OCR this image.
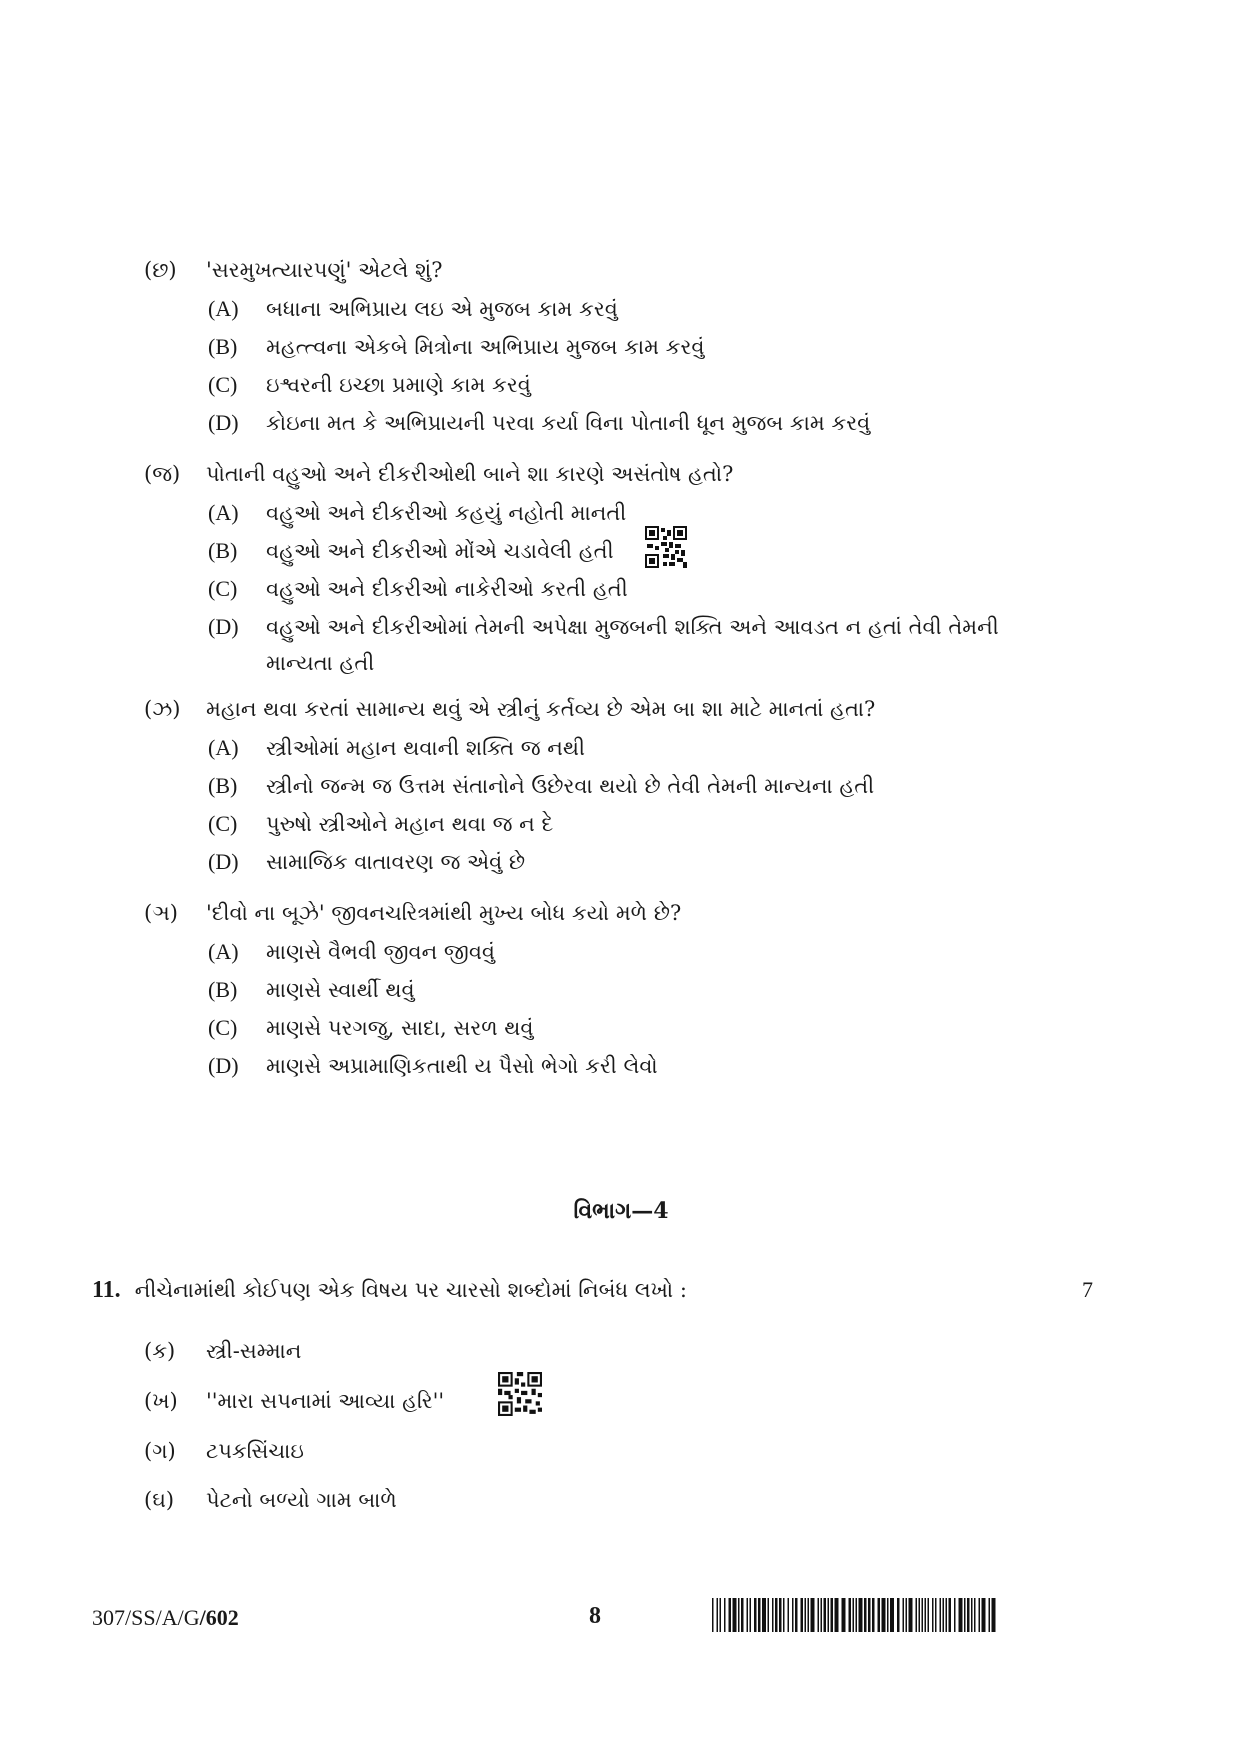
(છ) 'સરમુખત્યારપણું' એટલે શું?
(A)	બધાના અભિપ્રાય લઇ એ મુજબ કામ કરવું
(B)	મહત્ત્વના એકબે મિત્રોના અભિપ્રાય મુજબ કામ કરવું
(C)	ઇશ્વરની ઇચ્છા પ્રમાણે કામ કરવું
(D)	કોઇના મત કે અભિપ્રાયની પરવા કર્યા વિના પોતાની ધૂન મુજબ કામ કરવું
(જ) પોતાની વહુઓ અને દીકરીઓથી બાને શા કારણે અસંતોષ હતો?
(A)	વહુઓ અને દીકરીઓ કહયું નહોતી માનતી
(B)	વહુઓ અને દીકરીઓ મોંએ ચડાવેલી હતી
(C)	વહુઓ અને દીકરીઓ નાકેરીઓ કરતી હતી
(D)	વહુઓ અને દીકરીઓમાં તેમની અપેક્ષા મુજબની શક્તિ અને આવડત ન હતાં તેવી તેમની માન્યતા હતી
(ઝ) મહાન થવા કરતાં સામાન્ય થવું એ સ્ત્રીનું કર્તવ્ય છે એમ બા શા માટે માનતાં હતા?
(A)	સ્ત્રીઓમાં મહાન થવાની શક્તિ જ નથી
(B)	સ્ત્રીનો જન્મ જ ઉત્તમ સંતાનોને ઉછેરવા થયો છે તેવી તેમની માન્યના હતી
(C)	પુરુષો સ્ત્રીઓને મહાન થવા જ ન દે
(D)	સામાજિક વાતાવરણ જ એવું છે
(ઞ) 'દીવો ના બૂઝે' જીવનચરિત્રમાંથી મુખ્ય બોધ કયો મળે છે?
(A)	માણસે વૈભવી જીવન જીવવું
(B)	માણસે સ્વાર્થી થવું
(C)	માણસે પરગજુ, સાદા, સરળ થવું
(D)	માણસે અપ્રામાણિકતાથી ય પૈસો ભેગો કરી લેવો
વિભાગ—4
11. નીચેનામાંથી કોઈપણ એક વિષય પર ચારસો શબ્દોમાં નિબંધ લખો :	7
(ક) સ્ત્રી-સમ્માન
(ખ) ''મારા સપનામાં આવ્યા હરિ''
(ગ) ટપકસિંચાઇ
(ઘ) પેટનો બળ્યો ગામ બાળે
307/SS/A/G/602	8
